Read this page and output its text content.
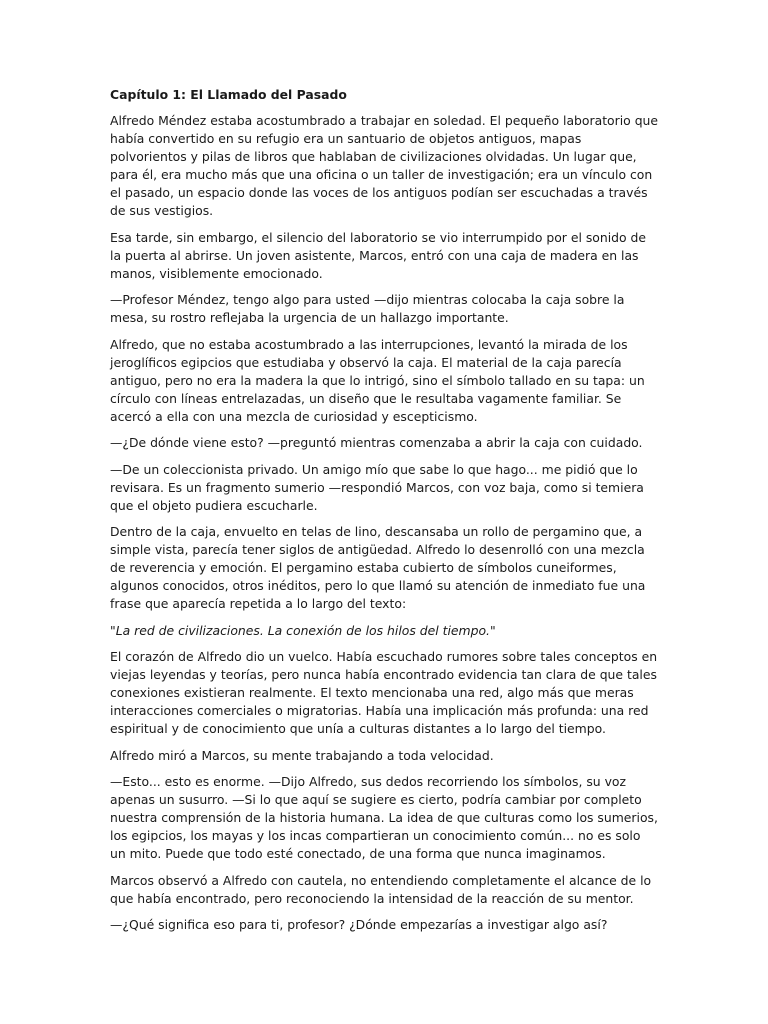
Capítulo 1: El Llamado del Pasado

Alfredo Méndez estaba acostumbrado a trabajar en soledad. El pequeño laboratorio que había convertido en su refugio era un santuario de objetos antiguos, mapas polvorientos y pilas de libros que hablaban de civilizaciones olvidadas. Un lugar que, para él, era mucho más que una oficina o un taller de investigación; era un vínculo con el pasado, un espacio donde las voces de los antiguos podían ser escuchadas a través de sus vestigios.

Esa tarde, sin embargo, el silencio del laboratorio se vio interrumpido por el sonido de la puerta al abrirse. Un joven asistente, Marcos, entró con una caja de madera en las manos, visiblemente emocionado.

—Profesor Méndez, tengo algo para usted —dijo mientras colocaba la caja sobre la mesa, su rostro reflejaba la urgencia de un hallazgo importante.

Alfredo, que no estaba acostumbrado a las interrupciones, levantó la mirada de los jeroglíficos egipcios que estudiaba y observó la caja. El material de la caja parecía antiguo, pero no era la madera la que lo intrigó, sino el símbolo tallado en su tapa: un círculo con líneas entrelazadas, un diseño que le resultaba vagamente familiar. Se acercó a ella con una mezcla de curiosidad y escepticismo.

—¿De dónde viene esto? —preguntó mientras comenzaba a abrir la caja con cuidado.

—De un coleccionista privado. Un amigo mío que sabe lo que hago... me pidió que lo revisara. Es un fragmento sumerio —respondió Marcos, con voz baja, como si temiera que el objeto pudiera escucharle.

Dentro de la caja, envuelto en telas de lino, descansaba un rollo de pergamino que, a simple vista, parecía tener siglos de antigüedad. Alfredo lo desenrolló con una mezcla de reverencia y emoción. El pergamino estaba cubierto de símbolos cuneiformes, algunos conocidos, otros inéditos, pero lo que llamó su atención de inmediato fue una frase que aparecía repetida a lo largo del texto:

"La red de civilizaciones. La conexión de los hilos del tiempo."

El corazón de Alfredo dio un vuelco. Había escuchado rumores sobre tales conceptos en viejas leyendas y teorías, pero nunca había encontrado evidencia tan clara de que tales conexiones existieran realmente. El texto mencionaba una red, algo más que meras interacciones comerciales o migratorias. Había una implicación más profunda: una red espiritual y de conocimiento que unía a culturas distantes a lo largo del tiempo.

Alfredo miró a Marcos, su mente trabajando a toda velocidad.

—Esto... esto es enorme. —Dijo Alfredo, sus dedos recorriendo los símbolos, su voz apenas un susurro. —Si lo que aquí se sugiere es cierto, podría cambiar por completo nuestra comprensión de la historia humana. La idea de que culturas como los sumerios, los egipcios, los mayas y los incas compartieran un conocimiento común... no es solo un mito. Puede que todo esté conectado, de una forma que nunca imaginamos.

Marcos observó a Alfredo con cautela, no entendiendo completamente el alcance de lo que había encontrado, pero reconociendo la intensidad de la reacción de su mentor.

—¿Qué significa eso para ti, profesor? ¿Dónde empezarías a investigar algo así?
